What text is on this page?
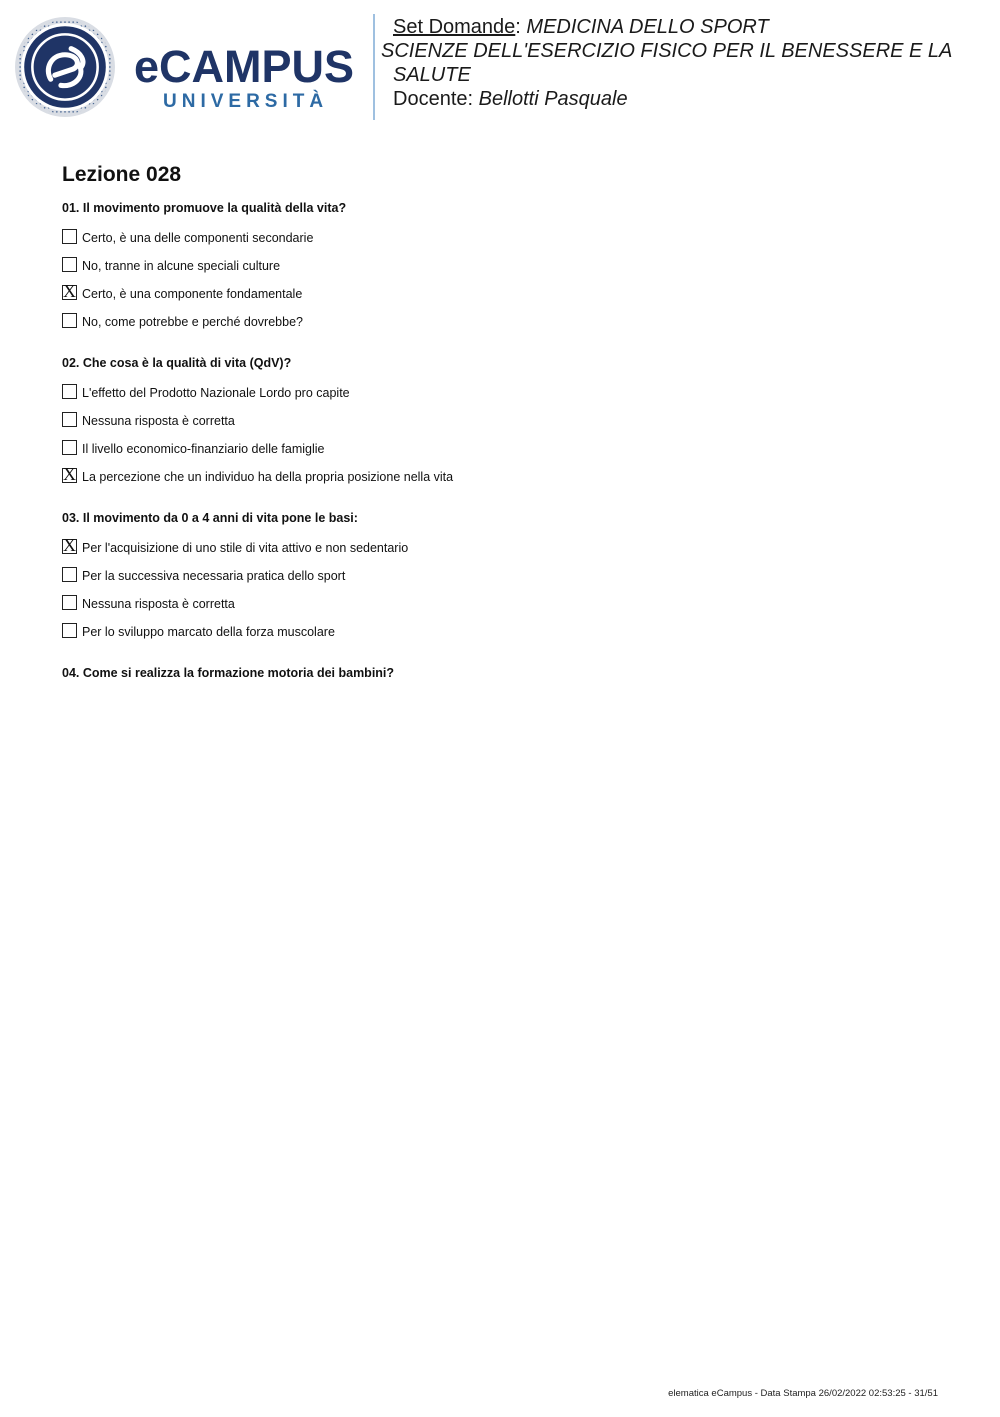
eCAMPUS
UNIVERSITÀ
Set Domande: MEDICINA DELLO SPORT
SCIENZE DELL'ESERCIZIO FISICO PER IL BENESSERE E LA
SALUTE
Docente: Bellotti Pasquale
Lezione 028

01. Il movimento promuove la qualità della vita?

Certo, è una delle componenti secondarie
No, tranne in alcune speciali culture
X Certo, è una componente fondamentale
No, come potrebbe e perché dovrebbe?

02. Che cosa è la qualità di vita (QdV)?

L'effetto del Prodotto Nazionale Lordo pro capite
Nessuna risposta è corretta
Il livello economico-finanziario delle famiglie
X La percezione che un individuo ha della propria posizione nella vita

03. Il movimento da 0 a 4 anni di vita pone le basi:

X Per l'acquisizione di uno stile di vita attivo e non sedentario
Per la successiva necessaria pratica dello sport
Nessuna risposta è corretta
Per lo sviluppo marcato della forza muscolare

04. Come si realizza la formazione motoria dei bambini?

elematica eCampus - Data Stampa 26/02/2022 02:53:25 - 31/51
